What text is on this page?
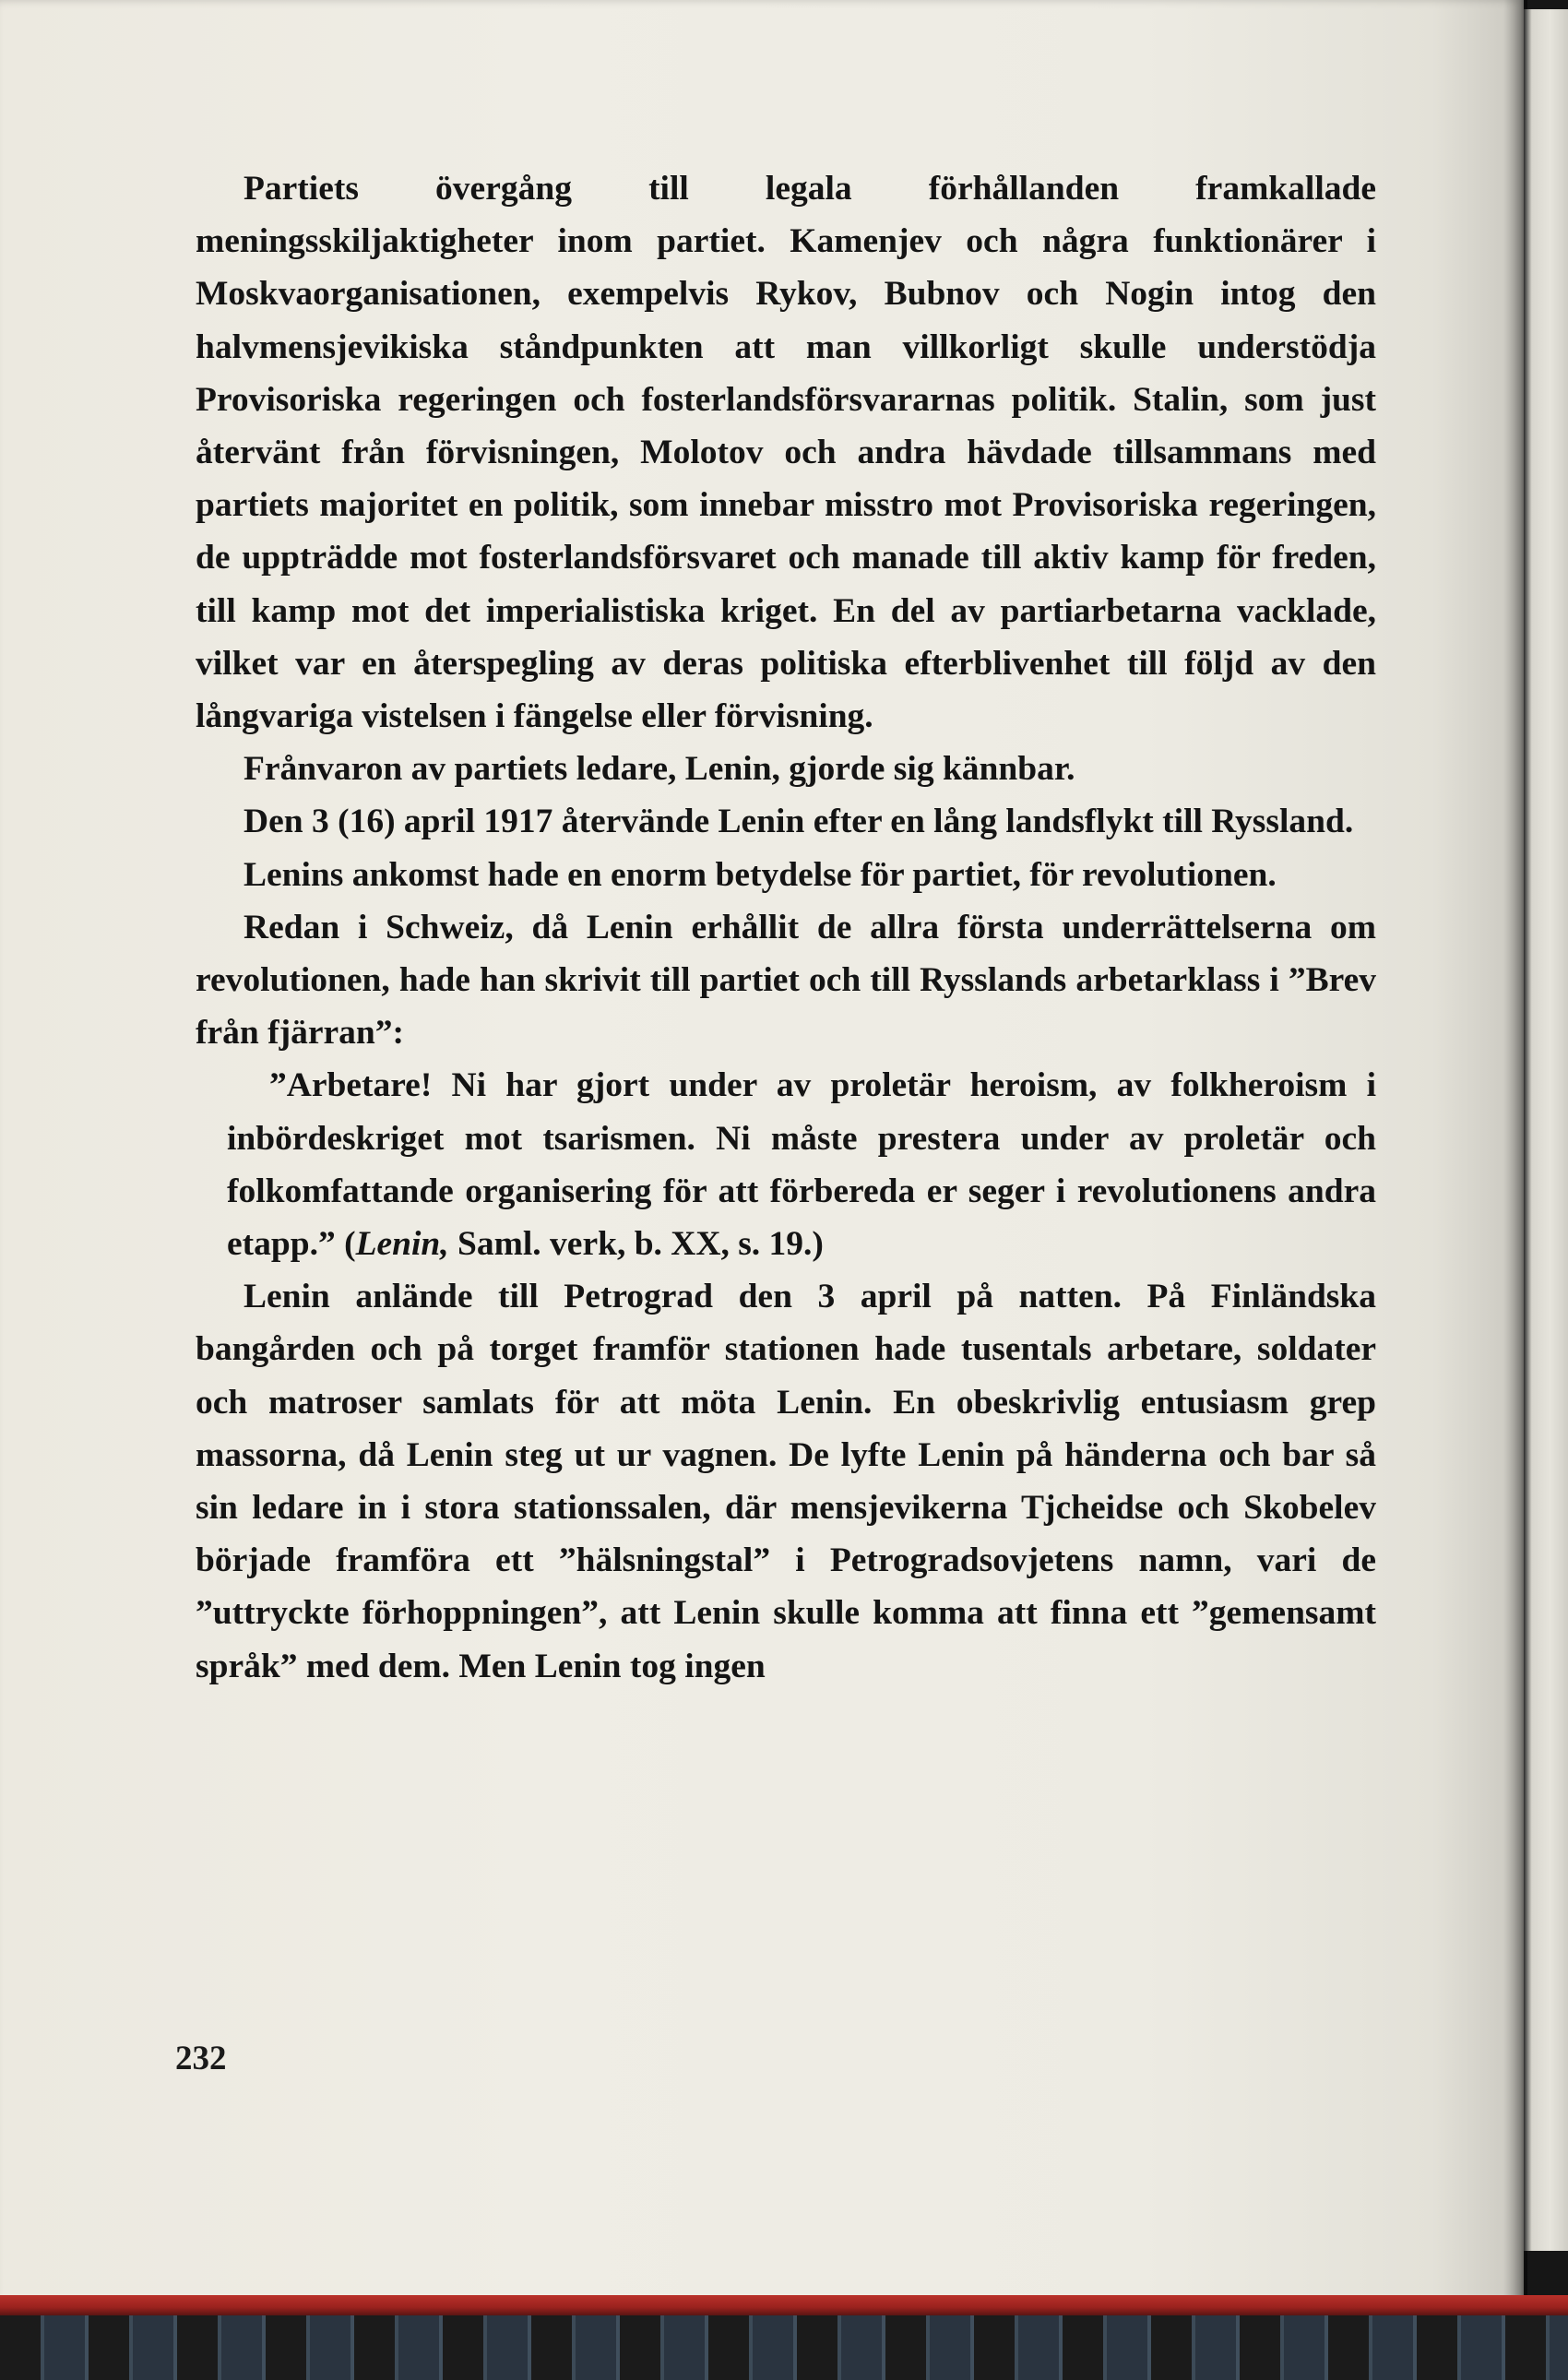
Partiets övergång till legala förhållanden framkallade meningsskiljaktigheter inom partiet. Kamenjev och några funktionärer i Moskvaorganisationen, exempelvis Rykov, Bubnov och Nogin intog den halvmensjevikiska ståndpunkten att man villkorligt skulle understödja Provisoriska regeringen och fosterlandsförsvararnas politik. Stalin, som just återvänt från förvisningen, Molotov och andra hävdade tillsammans med partiets majoritet en politik, som innebar misstro mot Provisoriska regeringen, de uppträdde mot fosterlandsförsvaret och manade till aktiv kamp för freden, till kamp mot det imperialistiska kriget. En del av partiarbetarna vacklade, vilket var en återspegling av deras politiska efterblivenhet till följd av den långvariga vistelsen i fängelse eller förvisning.

Frånvaron av partiets ledare, Lenin, gjorde sig kännbar.

Den 3 (16) april 1917 återvände Lenin efter en lång landsflykt till Ryssland.

Lenins ankomst hade en enorm betydelse för partiet, för revolutionen.

Redan i Schweiz, då Lenin erhållit de allra första underrättelserna om revolutionen, hade han skrivit till partiet och till Rysslands arbetarklass i ”Brev från fjärran”:

”Arbetare! Ni har gjort under av proletär heroism, av folkheroism i inbördeskriget mot tsarismen. Ni måste prestera under av proletär och folkomfattande organisering för att förbereda er seger i revolutionens andra etapp.” (Lenin, Saml. verk, b. XX, s. 19.)

Lenin anlände till Petrograd den 3 april på natten. På Finländska bangården och på torget framför stationen hade tusentals arbetare, soldater och matroser samlats för att möta Lenin. En obeskrivlig entusiasm grep massorna, då Lenin steg ut ur vagnen. De lyfte Lenin på händerna och bar så sin ledare in i stora stationssalen, där mensjevikerna Tjcheidse och Skobelev började framföra ett ”hälsningstal” i Petrogradsovjetens namn, vari de ”uttryckte förhoppningen”, att Lenin skulle komma att finna ett ”gemensamt språk” med dem. Men Lenin tog ingen

232
